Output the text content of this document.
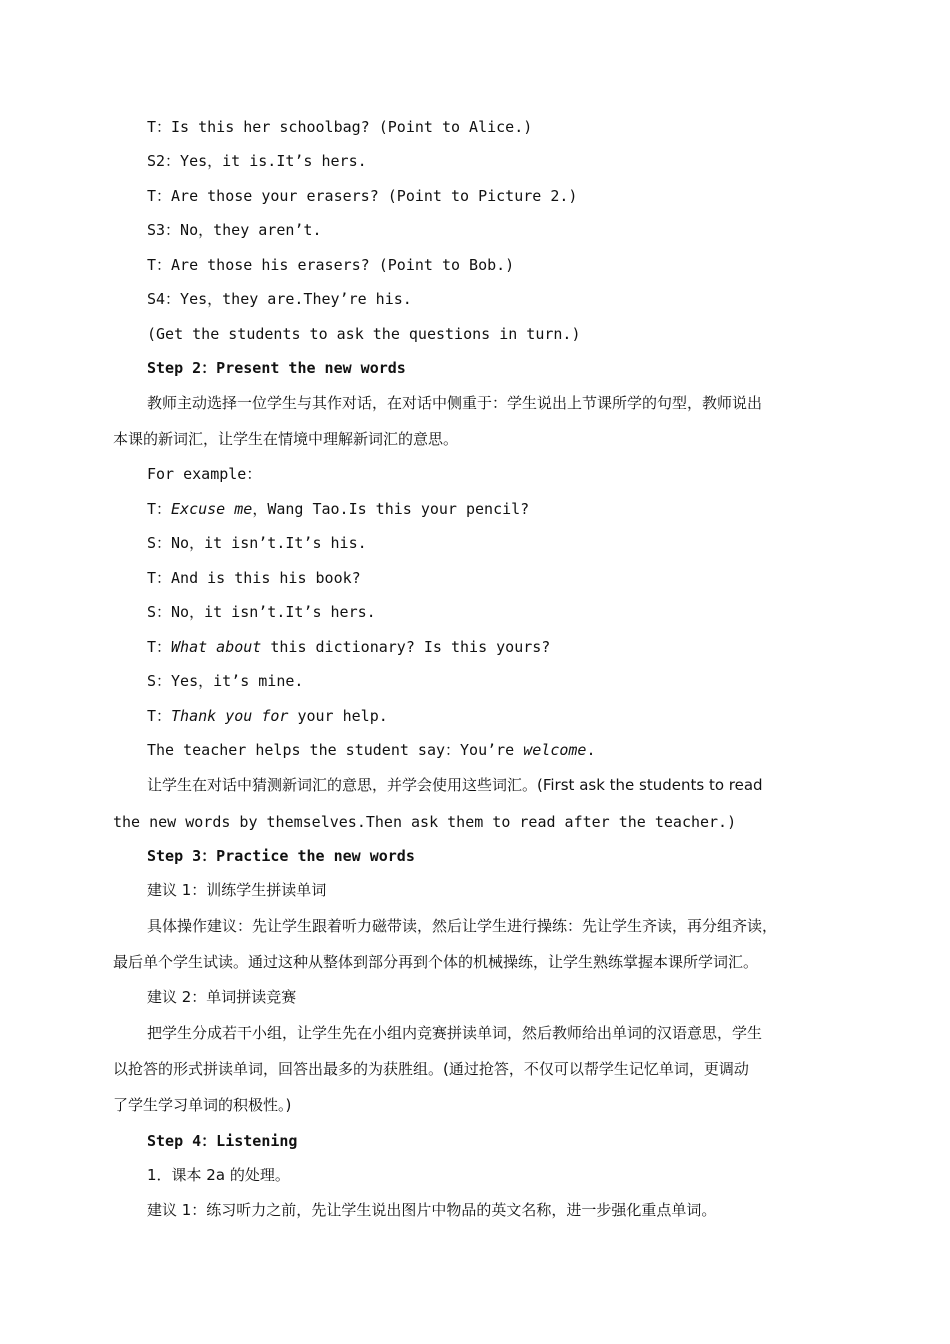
T：Is this her schoolbag? (Point to Alice.)
S2：Yes，it is.It’s hers.
T：Are those your erasers? (Point to Picture 2.)
S3：No，they aren’t.
T：Are those his erasers? (Point to Bob.)
S4：Yes，they are.They’re his.
(Get the students to ask the questions in turn.)
Step 2：Present the new words
教师主动选择一位学生与其作对话，在对话中侧重于：学生说出上节课所学的句型，教师说出
本课的新词汇，让学生在情境中理解新词汇的意思。
For example：
T：Excuse me，Wang Tao.Is this your pencil?
S：No，it isn’t.It’s his.
T：And is this his book?
S：No，it isn’t.It’s hers.
T：What about this dictionary? Is this yours?
S：Yes，it’s mine.
T：Thank you for your help.
The teacher helps the student say：You’re welcome.
让学生在对话中猜测新词汇的意思，并学会使用这些词汇。(First ask the students to read
the new words by themselves.Then ask them to read after the teacher.)
Step 3：Practice the new words
建议 1：训练学生拼读单词
具体操作建议：先让学生跟着听力磁带读，然后让学生进行操练：先让学生齐读，再分组齐读，
最后单个学生试读。通过这种从整体到部分再到个体的机械操练，让学生熟练掌握本课所学词汇。
建议 2：单词拼读竞赛
把学生分成若干小组，让学生先在小组内竞赛拼读单词，然后教师给出单词的汉语意思，学生
以抢答的形式拼读单词，回答出最多的为获胜组。(通过抢答，不仅可以帮学生记忆单词，更调动
了学生学习单词的积极性。)
Step 4：Listening
1．课本 2a 的处理。
建议 1：练习听力之前，先让学生说出图片中物品的英文名称，进一步强化重点单词。
